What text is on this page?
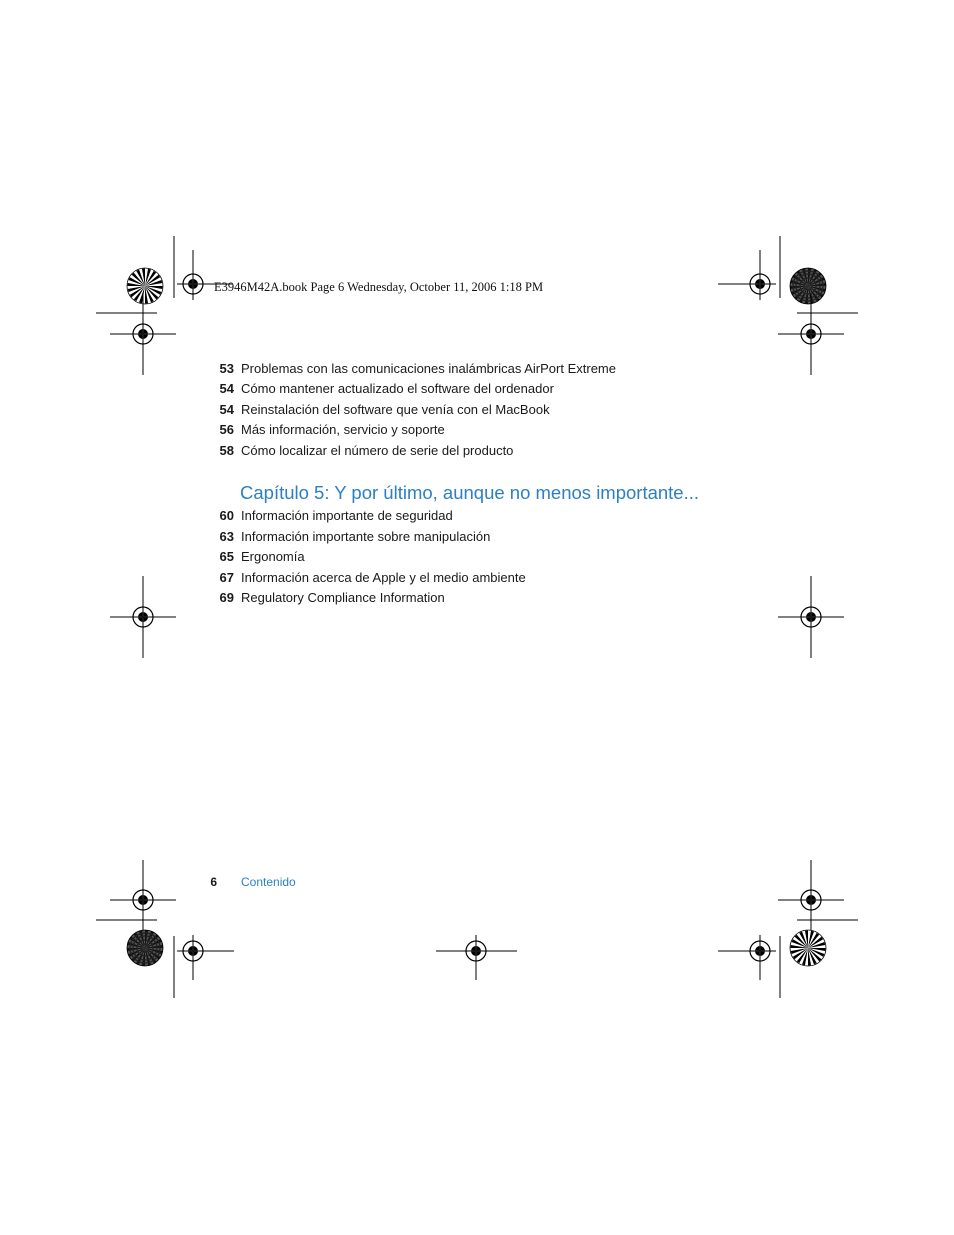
E3946M42A.book Page 6 Wednesday, October 11, 2006 1:18 PM
53 Problemas con las comunicaciones inalámbricas AirPort Extreme
54 Cómo mantener actualizado el software del ordenador
54 Reinstalación del software que venía con el MacBook
56 Más información, servicio y soporte
58 Cómo localizar el número de serie del producto
Capítulo 5: Y por último, aunque no menos importante...
60 Información importante de seguridad
63 Información importante sobre manipulación
65 Ergonomía
67 Información acerca de Apple y el medio ambiente
69 Regulatory Compliance Information
6 Contenido
